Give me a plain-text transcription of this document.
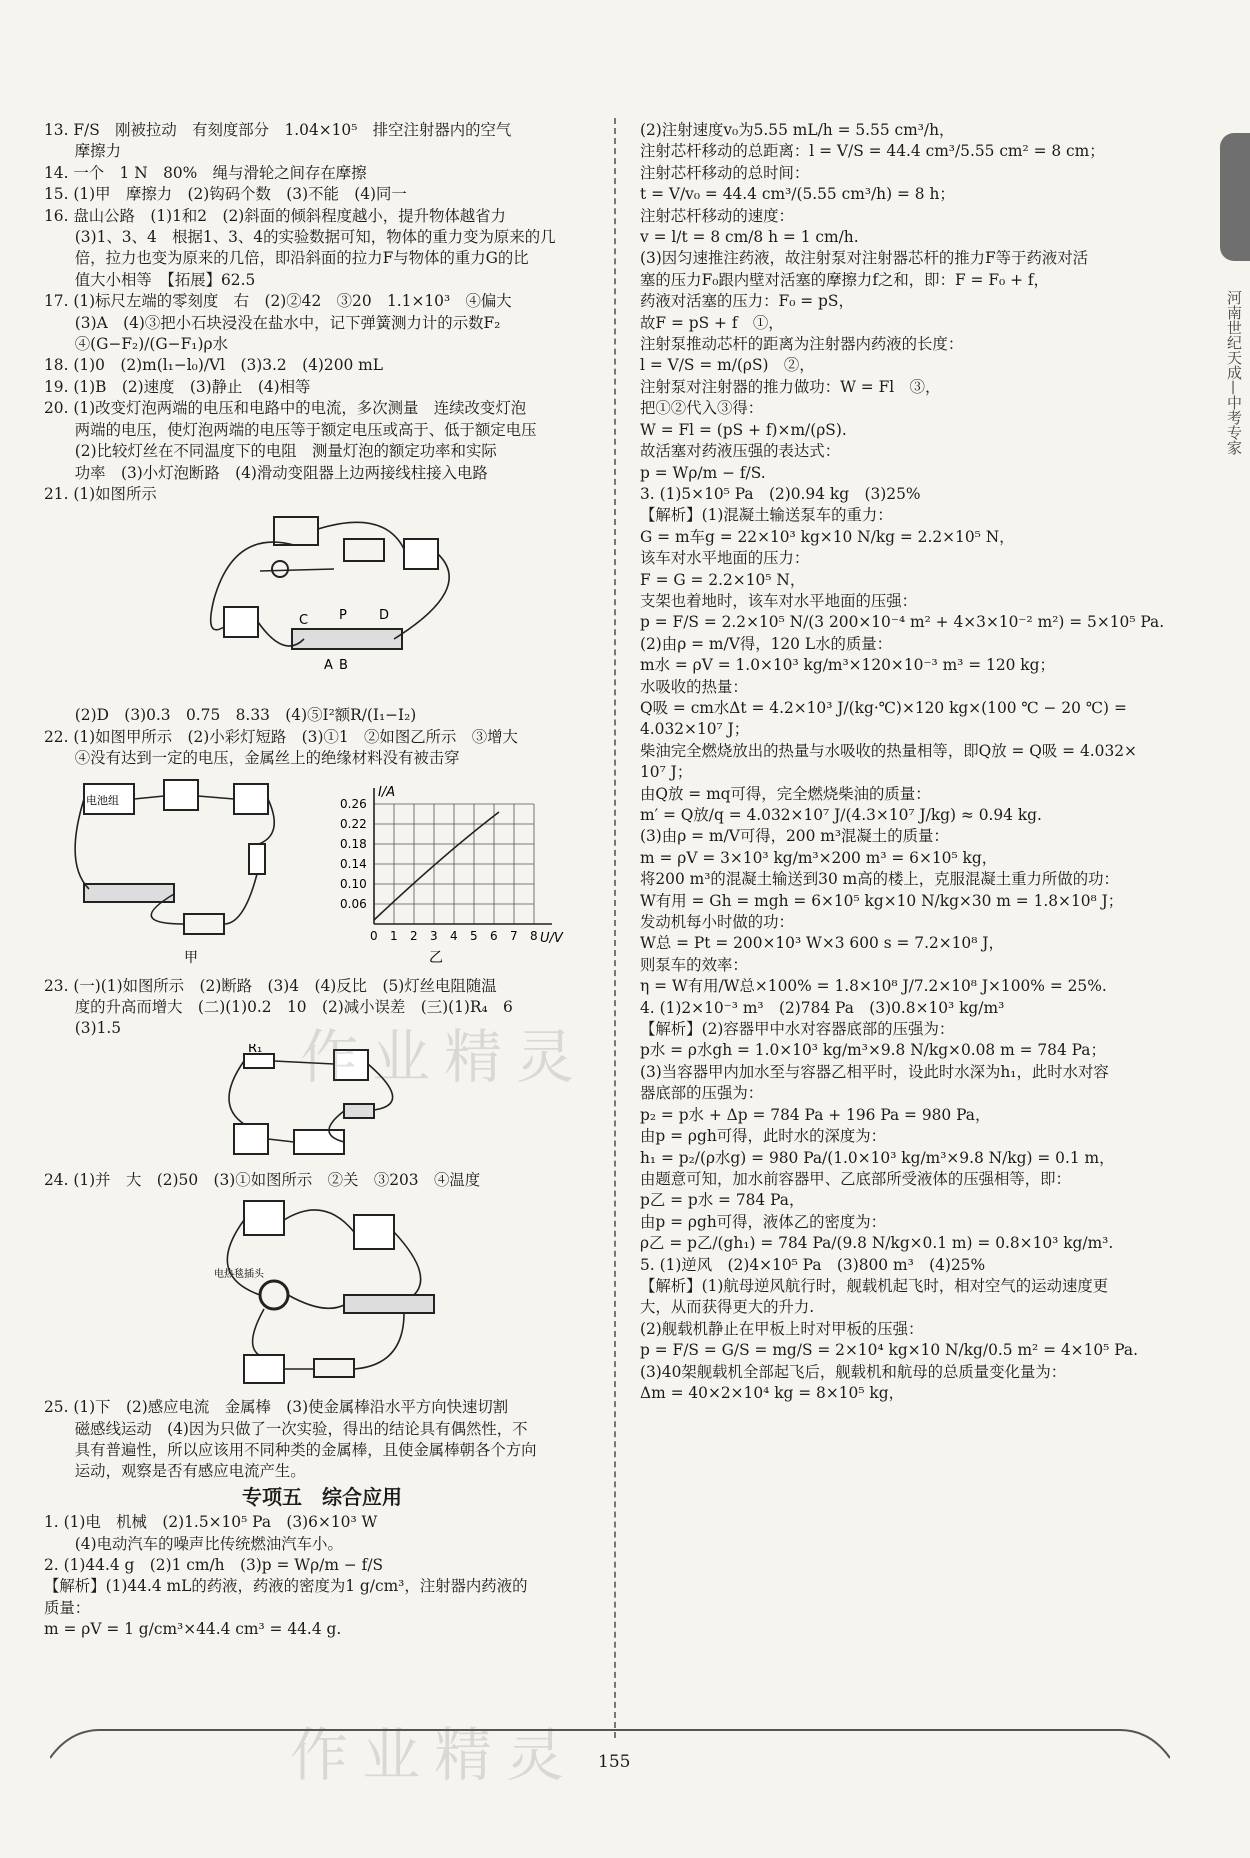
河南世纪天成—中考专家

13. F/S　刚被拉动　有刻度部分　1.04×10⁵　排空注射器内的空气

　　摩擦力

14. 一个　1 N　80%　绳与滑轮之间存在摩擦

15. (1)甲　摩擦力　(2)钩码个数　(3)不能　(4)同一

16. 盘山公路　(1)1和2　(2)斜面的倾斜程度越小，提升物体越省力

　　(3)1、3、4　根据1、3、4的实验数据可知，物体的重力变为原来的几

　　倍，拉力也变为原来的几倍，即沿斜面的拉力F与物体的重力G的比

　　值大小相等　【拓展】62.5

17. (1)标尺左端的零刻度　右　(2)②42　③20　1.1×10³　④偏大

　　(3)A　(4)③把小石块浸没在盐水中，记下弹簧测力计的示数F₂

　　④(G−F₂)/(G−F₁)ρ水

18. (1)0　(2)m(l₁−l₀)/Vl　(3)3.2　(4)200 mL

19. (1)B　(2)速度　(3)静止　(4)相等

20. (1)改变灯泡两端的电压和电路中的电流，多次测量　连续改变灯泡

　　两端的电压，使灯泡两端的电压等于额定电压或高于、低于额定电压

　　(2)比较灯丝在不同温度下的电阻　测量灯泡的额定功率和实际

　　功率　(3)小灯泡断路　(4)滑动变阻器上边两接线柱接入电路

21. (1)如图所示

C P D
A B

　　(2)D　(3)0.3　0.75　8.33　(4)⑤I²额R/(I₁−I₂)

22. (1)如图甲所示　(2)小彩灯短路　(3)①1　②如图乙所示　③增大

　　④没有达到一定的电压，金属丝上的绝缘材料没有被击穿

电池组
甲
0.26
0.22
0.18
0.14
0.10
0.06
0 1 2 3 4 5 6 7 8
I/A
U/V
乙

23. (一)(1)如图所示　(2)断路　(3)4　(4)反比　(5)灯丝电阻随温

　　度的升高而增大　(二)(1)0.2　10　(2)减小误差　(三)(1)R₄　6

　　(3)1.5

R₁

24. (1)并　大　(2)50　(3)①如图所示　②关　③203　④温度

电热毯插头

25. (1)下　(2)感应电流　金属棒　(3)使金属棒沿水平方向快速切割

　　磁感线运动　(4)因为只做了一次实验，得出的结论具有偶然性，不

　　具有普遍性，所以应该用不同种类的金属棒，且使金属棒朝各个方向

　　运动，观察是否有感应电流产生。

专项五　综合应用

1. (1)电　机械　(2)1.5×10⁵ Pa　(3)6×10³ W

　　(4)电动汽车的噪声比传统燃油汽车小。

2. (1)44.4 g　(2)1 cm/h　(3)p = Wρ/m − f/S

【解析】(1)44.4 mL的药液，药液的密度为1 g/cm³，注射器内药液的

质量：

m = ρV = 1 g/cm³×44.4 cm³ = 44.4 g.

(2)注射速度v₀为5.55 mL/h = 5.55 cm³/h，

注射芯杆移动的总距离：l = V/S = 44.4 cm³/5.55 cm² = 8 cm；

注射芯杆移动的总时间：

t = V/v₀ = 44.4 cm³/(5.55 cm³/h) = 8 h；

注射芯杆移动的速度：

v = l/t = 8 cm/8 h = 1 cm/h.

(3)因匀速推注药液，故注射泵对注射器芯杆的推力F等于药液对活

塞的压力F₀跟内壁对活塞的摩擦力f之和，即：F = F₀ + f，

药液对活塞的压力：F₀ = pS，

故F = pS + f　①，

注射泵推动芯杆的距离为注射器内药液的长度：

l = V/S = m/(ρS)　②，

注射泵对注射器的推力做功：W = Fl　③，

把①②代入③得：

W = Fl = (pS + f)×m/(ρS).

故活塞对药液压强的表达式：

p = Wρ/m − f/S.

3. (1)5×10⁵ Pa　(2)0.94 kg　(3)25%

【解析】(1)混凝土输送泵车的重力：

G = m车g = 22×10³ kg×10 N/kg = 2.2×10⁵ N，

该车对水平地面的压力：

F = G = 2.2×10⁵ N，

支架也着地时，该车对水平地面的压强：

p = F/S = 2.2×10⁵ N/(3 200×10⁻⁴ m² + 4×3×10⁻² m²) = 5×10⁵ Pa.

(2)由ρ = m/V得，120 L水的质量：

m水 = ρV = 1.0×10³ kg/m³×120×10⁻³ m³ = 120 kg；

水吸收的热量：

Q吸 = cm水Δt = 4.2×10³ J/(kg·℃)×120 kg×(100 ℃ − 20 ℃) =

4.032×10⁷ J；

柴油完全燃烧放出的热量与水吸收的热量相等，即Q放 = Q吸 = 4.032×

10⁷ J；

由Q放 = mq可得，完全燃烧柴油的质量：

m′ = Q放/q = 4.032×10⁷ J/(4.3×10⁷ J/kg) ≈ 0.94 kg.

(3)由ρ = m/V可得，200 m³混凝土的质量：

m = ρV = 3×10³ kg/m³×200 m³ = 6×10⁵ kg，

将200 m³的混凝土输送到30 m高的楼上，克服混凝土重力所做的功：

W有用 = Gh = mgh = 6×10⁵ kg×10 N/kg×30 m = 1.8×10⁸ J；

发动机每小时做的功：

W总 = Pt = 200×10³ W×3 600 s = 7.2×10⁸ J，

则泵车的效率：

η = W有用/W总×100% = 1.8×10⁸ J/7.2×10⁸ J×100% = 25%.

4. (1)2×10⁻³ m³　(2)784 Pa　(3)0.8×10³ kg/m³

【解析】(2)容器甲中水对容器底部的压强为：

p水 = ρ水gh = 1.0×10³ kg/m³×9.8 N/kg×0.08 m = 784 Pa；

(3)当容器甲内加水至与容器乙相平时，设此时水深为h₁，此时水对容

器底部的压强为：

p₂ = p水 + Δp = 784 Pa + 196 Pa = 980 Pa，

由p = ρgh可得，此时水的深度为：

h₁ = p₂/(ρ水g) = 980 Pa/(1.0×10³ kg/m³×9.8 N/kg) = 0.1 m，

由题意可知，加水前容器甲、乙底部所受液体的压强相等，即：

p乙 = p水 = 784 Pa，

由p = ρgh可得，液体乙的密度为：

ρ乙 = p乙/(gh₁) = 784 Pa/(9.8 N/kg×0.1 m) = 0.8×10³ kg/m³.

5. (1)逆风　(2)4×10⁵ Pa　(3)800 m³　(4)25%

【解析】(1)航母逆风航行时，舰载机起飞时，相对空气的运动速度更

大，从而获得更大的升力.

(2)舰载机静止在甲板上时对甲板的压强：

p = F/S = G/S = mg/S = 2×10⁴ kg×10 N/kg/0.5 m² = 4×10⁵ Pa.

(3)40架舰载机全部起飞后，舰载机和航母的总质量变化量为：

Δm = 40×2×10⁴ kg = 8×10⁵ kg，

作业精灵
作业精灵 155
